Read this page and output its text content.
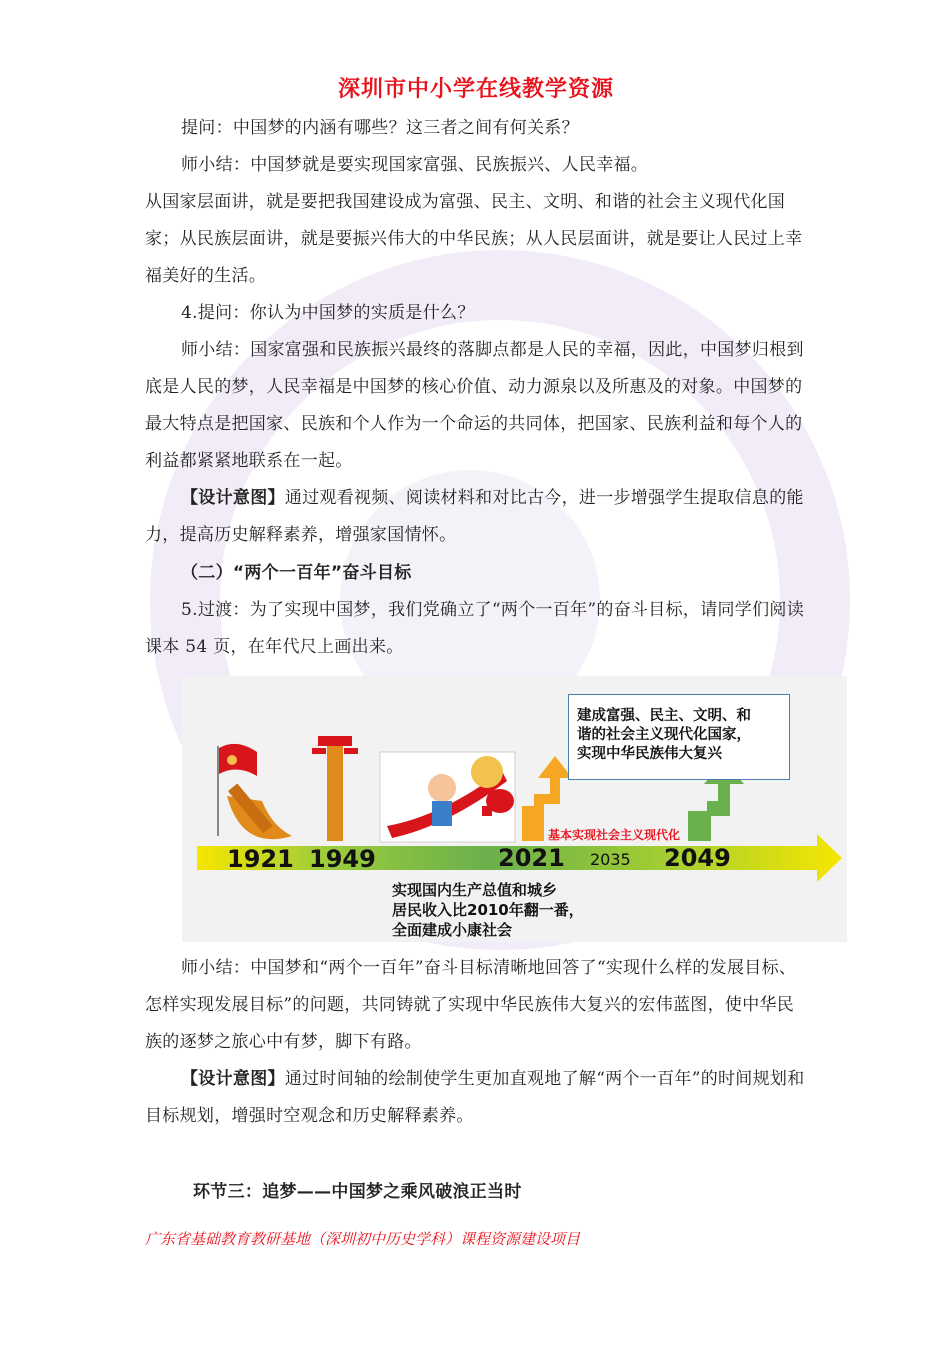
深圳市中小学在线教学资源

提问：中国梦的内涵有哪些？这三者之间有何关系？

师小结：中国梦就是要实现国家富强、民族振兴、人民幸福。

从国家层面讲，就是要把我国建设成为富强、民主、文明、和谐的社会主义现代化国家；从民族层面讲，就是要振兴伟大的中华民族；从人民层面讲，就是要让人民过上幸福美好的生活。

4.提问：你认为中国梦的实质是什么？

师小结：国家富强和民族振兴最终的落脚点都是人民的幸福，因此，中国梦归根到底是人民的梦，人民幸福是中国梦的核心价值、动力源泉以及所惠及的对象。中国梦的最大特点是把国家、民族和个人作为一个命运的共同体，把国家、民族利益和每个人的利益都紧紧地联系在一起。

【设计意图】通过观看视频、阅读材料和对比古今，进一步增强学生提取信息的能力，提高历史解释素养，增强家国情怀。

（二）“两个一百年”奋斗目标

5.过渡：为了实现中国梦，我们党确立了“两个一百年”的奋斗目标，请同学们阅读课本 54 页，在年代尺上画出来。

建成富强、民主、文明、和
谐的社会主义现代化国家，
实现中华民族伟大复兴
基本实现社会主义现代化
1921 1949	2021 2035 2049
实现国内生产总值和城乡
居民收入比2010年翻一番，
全面建成小康社会

师小结：中国梦和“两个一百年”奋斗目标清晰地回答了“实现什么样的发展目标、怎样实现发展目标”的问题，共同铸就了实现中华民族伟大复兴的宏伟蓝图，使中华民族的逐梦之旅心中有梦，脚下有路。

【设计意图】通过时间轴的绘制使学生更加直观地了解“两个一百年”的时间规划和目标规划，增强时空观念和历史解释素养。

环节三：追梦——中国梦之乘风破浪正当时

广东省基础教育教研基地（深圳初中历史学科）课程资源建设项目
